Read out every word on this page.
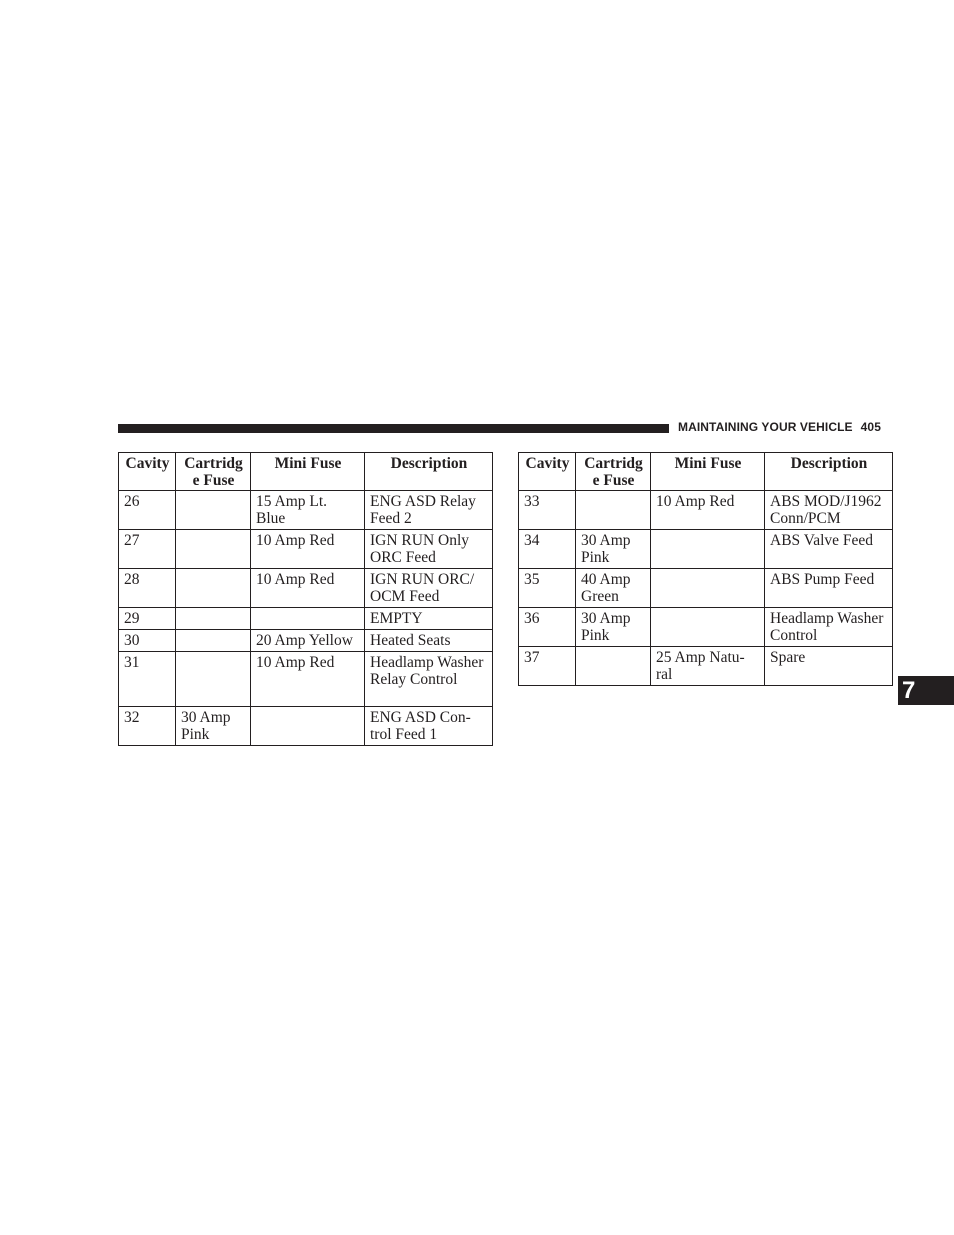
MAINTAINING YOUR VEHICLE 405
7
Cavity	Cartridge Fuse	Mini Fuse	Description
26		15 Amp Lt. Blue	ENG ASD Relay Feed 2
27		10 Amp Red	IGN RUN Only ORC Feed
28		10 Amp Red	IGN RUN ORC/ OCM Feed
29			EMPTY
30		20 Amp Yellow	Heated Seats
31		10 Amp Red	Headlamp Washer Relay Control
32	30 Amp Pink		ENG ASD Con- trol Feed 1
Cavity	Cartridge Fuse	Mini Fuse	Description
33		10 Amp Red	ABS MOD/J1962 Conn/PCM
34	30 Amp Pink		ABS Valve Feed
35	40 Amp Green		ABS Pump Feed
36	30 Amp Pink		Headlamp Washer Control
37		25 Amp Natu- ral	Spare
